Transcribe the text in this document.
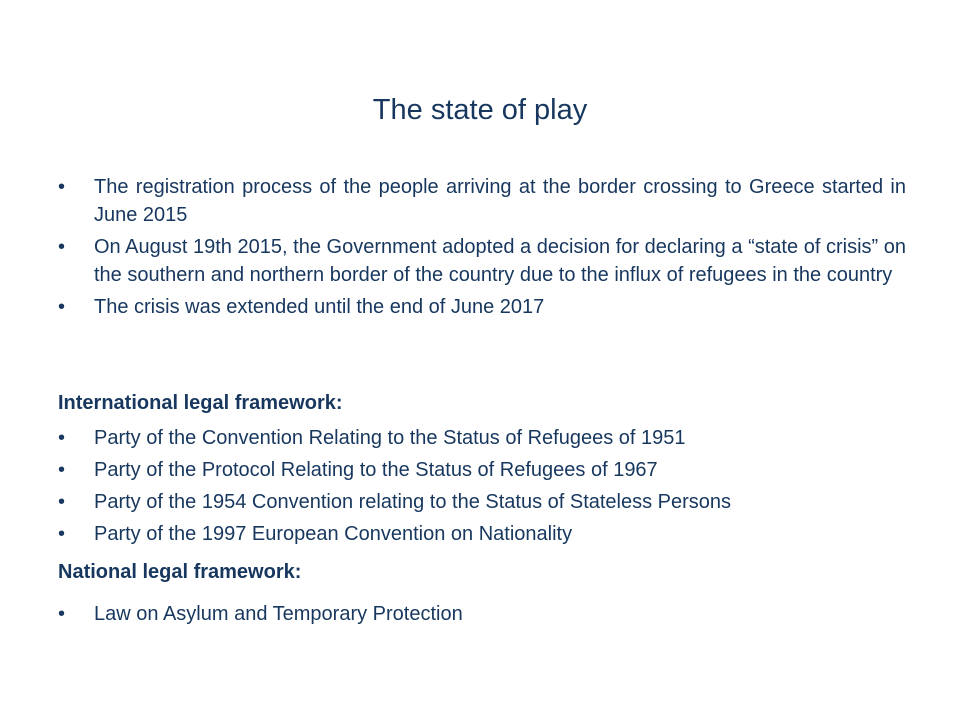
The state of play
•	The registration process of the people arriving at the border crossing to Greece started in June 2015
•	On August 19th 2015, the Government adopted a decision for declaring a “state of crisis” on the southern and northern border of the country due to the influx of refugees in the country
•	The crisis was extended until the end of June 2017
International legal framework:
•	Party of the Convention Relating to the Status of Refugees of 1951
•	Party of the Protocol Relating to the Status of Refugees of 1967
•	Party of the 1954 Convention relating to the Status of Stateless Persons
•	Party of the 1997 European Convention on Nationality
National legal framework:
•	Law on Asylum and Temporary Protection
